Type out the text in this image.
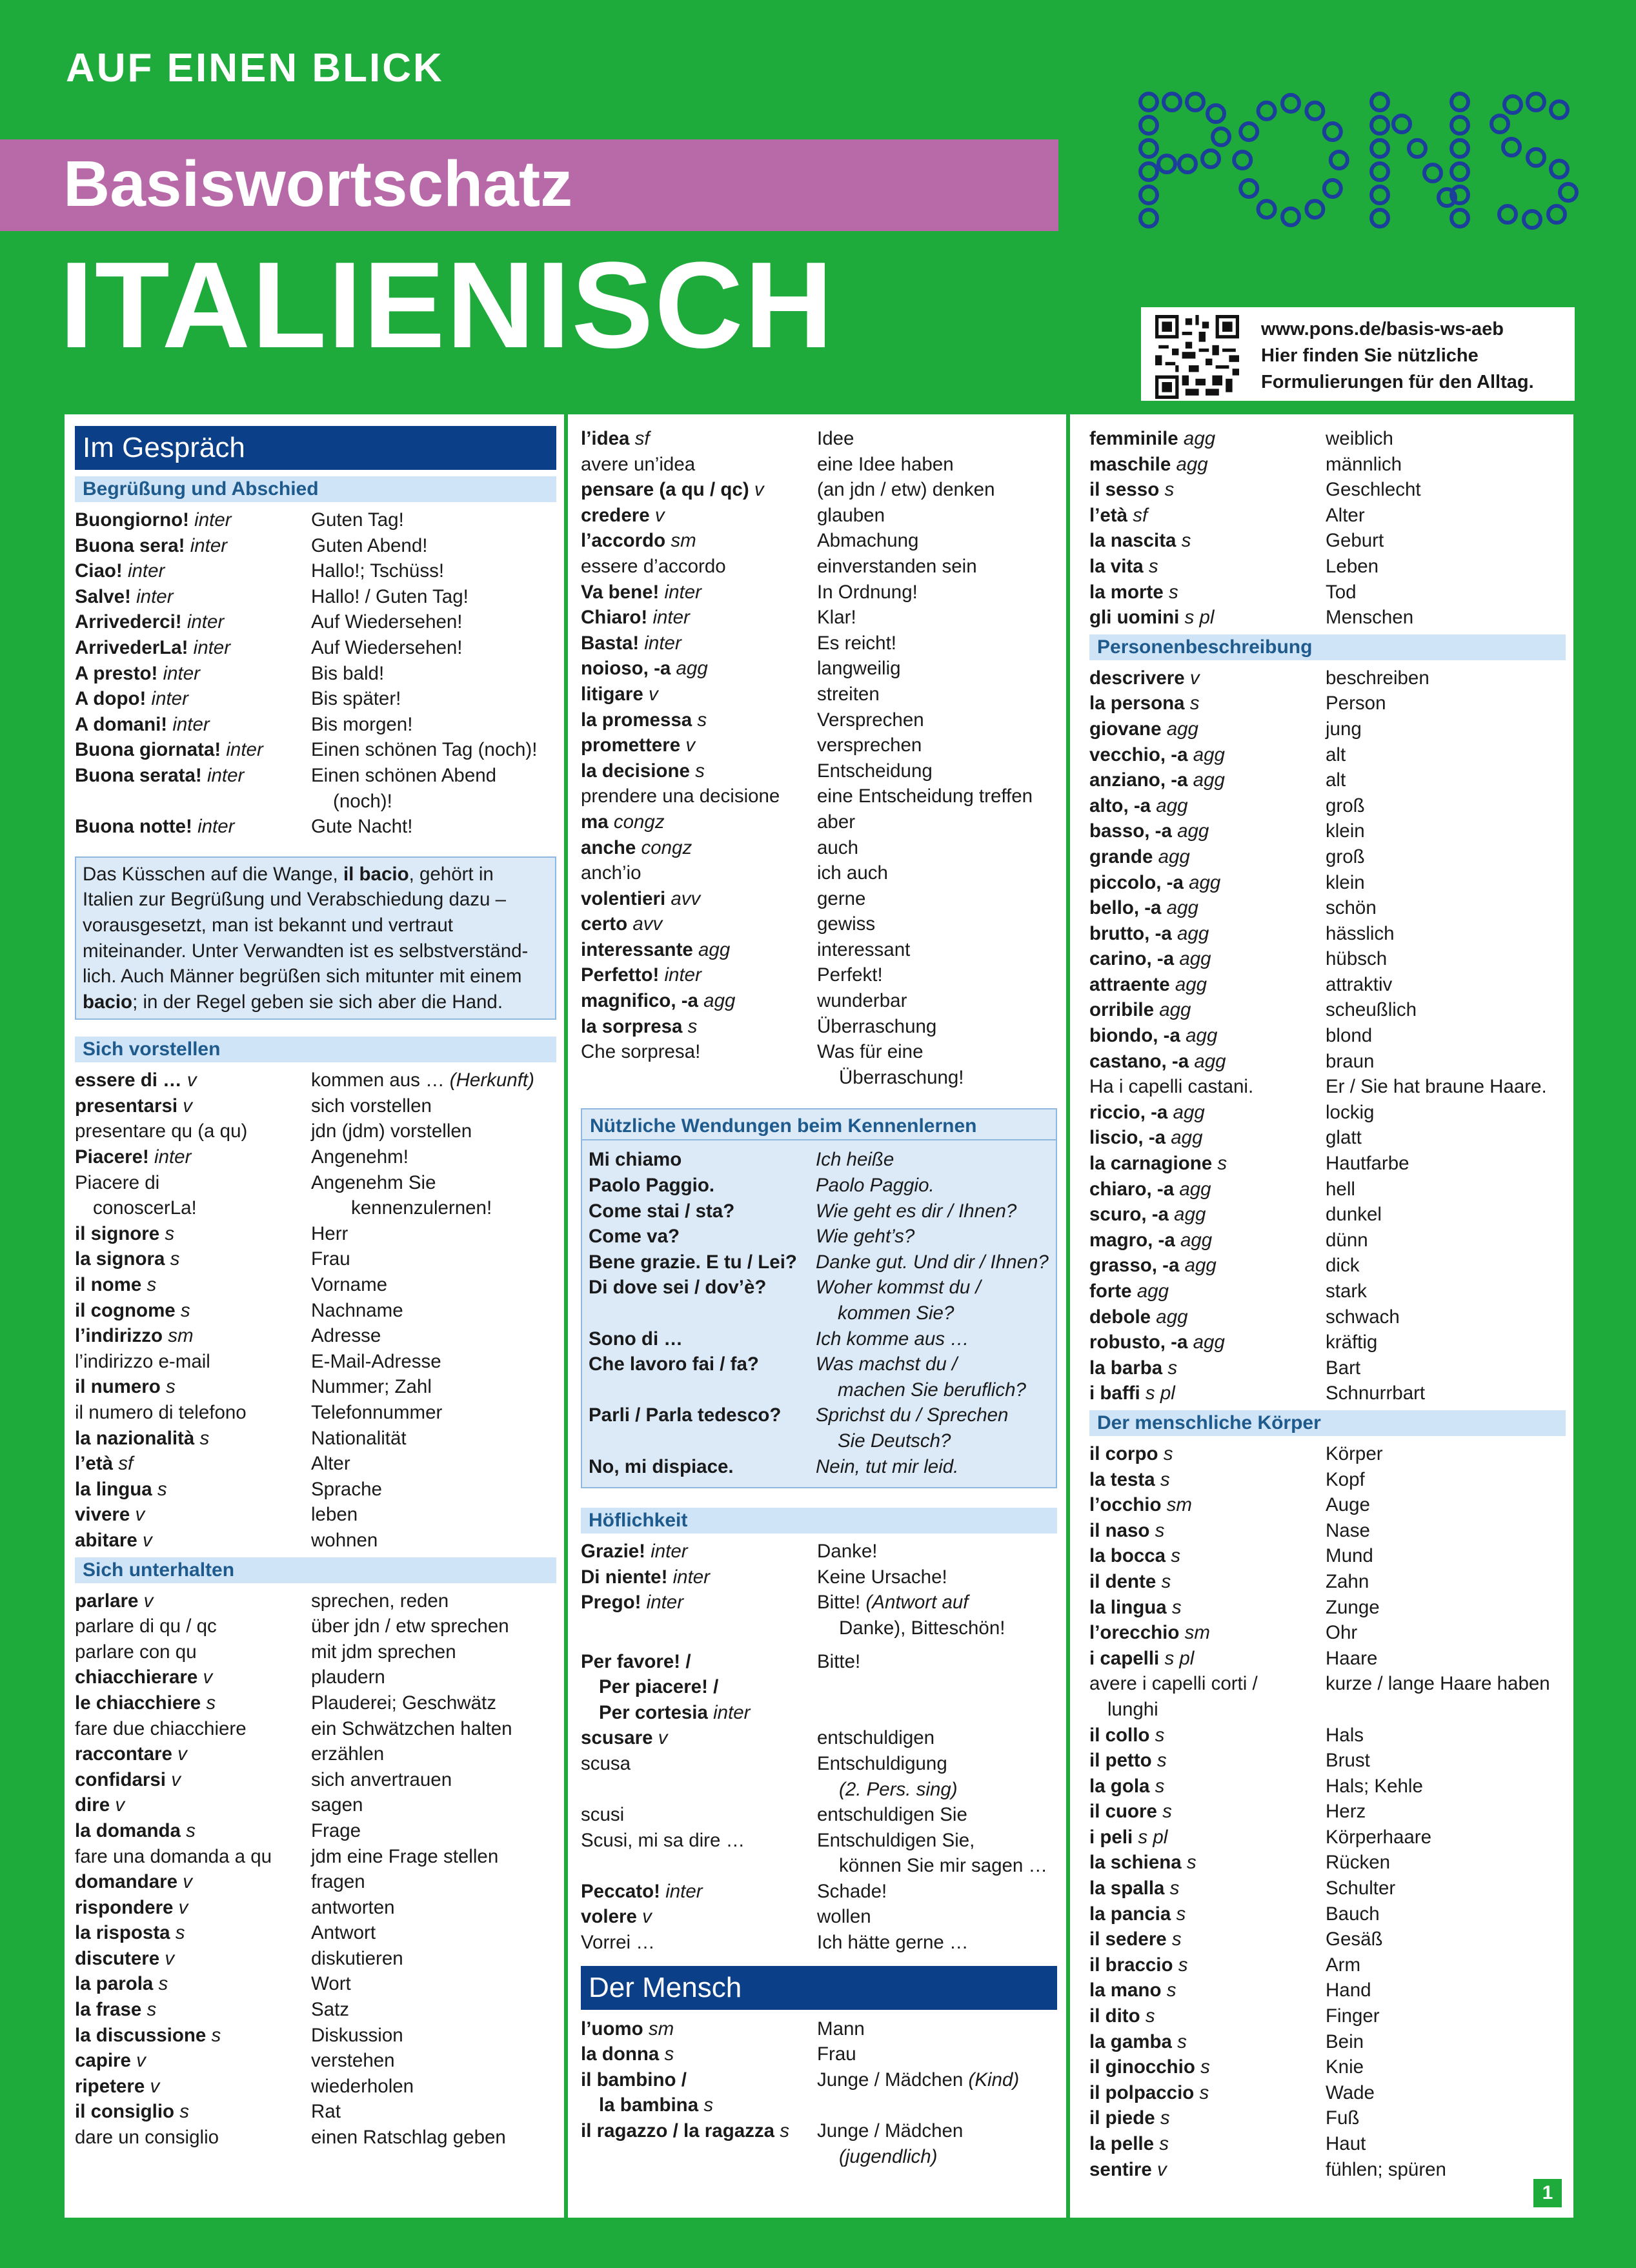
AUF EINEN BLICK
Basiswortschatz
ITALIENISCH	www.pons.de/basis-ws-aeb
Hier finden Sie nützliche
Formulierungen für den Alltag.
Im Gespräch
Begrüßung und Abschied
Buongiorno! inter	Guten Tag!
Buona sera! inter	Guten Abend!
Ciao! inter	Hallo!; Tschüss!
Salve! inter	Hallo! / Guten Tag!
Arrivederci! inter	Auf Wiedersehen!
ArrivederLa! inter	Auf Wiedersehen!
A presto! inter	Bis bald!
A dopo! inter	Bis später!
A domani! inter	Bis morgen!
Buona giornata! inter	Einen schönen Tag (noch)!
Buona serata! inter	Einen schönen Abend
(noch)!
Buona notte! inter	Gute Nacht!
Das Küsschen auf die Wange, il bacio, gehört in Italien zur Begrüßung und Verabschiedung dazu – vorausgesetzt, man ist bekannt und vertraut miteinander. Unter Verwandten ist es selbstverständ-lich. Auch Männer begrüßen sich mitunter mit einem bacio; in der Regel geben sie sich aber die Hand.
Sich vorstellen
essere di … v	kommen aus … (Herkunft)
presentarsi v	sich vorstellen
presentare qu (a qu)	jdn (jdm) vorstellen
Piacere! inter	Angenehm!
Piacere di	Angenehm Sie
conoscerLa!	kennenzulernen!
il signore s	Herr
la signora s	Frau
il nome s	Vorname
il cognome s	Nachname
l’indirizzo sm	Adresse
l’indirizzo e-mail	E-Mail-Adresse
il numero s	Nummer; Zahl
il numero di telefono	Telefonnummer
la nazionalità s	Nationalität
l’età sf	Alter
la lingua s	Sprache
vivere v	leben
abitare v	wohnen
Sich unterhalten
parlare v	sprechen, reden
parlare di qu / qc	über jdn / etw sprechen
parlare con qu	mit jdm sprechen
chiacchierare v	plaudern
le chiacchiere s	Plauderei; Geschwätz
fare due chiacchiere	ein Schwätzchen halten
raccontare v	erzählen
confidarsi v	sich anvertrauen
dire v	sagen
la domanda s	Frage
fare una domanda a qu	jdm eine Frage stellen
domandare v	fragen
rispondere v	antworten
la risposta s	Antwort
discutere v	diskutieren
la parola s	Wort
la frase s	Satz
la discussione s	Diskussion
capire v	verstehen
ripetere v	wiederholen
il consiglio s	Rat
dare un consiglio	einen Ratschlag geben
l’idea sf	Idee
avere un’idea	eine Idee haben
pensare (a qu / qc) v	(an jdn / etw) denken
credere v	glauben
l’accordo sm	Abmachung
essere d’accordo	einverstanden sein
Va bene! inter	In Ordnung!
Chiaro! inter	Klar!
Basta! inter	Es reicht!
noioso, -a agg	langweilig
litigare v	streiten
la promessa s	Versprechen
promettere v	versprechen
la decisione s	Entscheidung
prendere una decisione	eine Entscheidung treffen
ma congz	aber
anche congz	auch
anch’io	ich auch
volentieri avv	gerne
certo avv	gewiss
interessante agg	interessant
Perfetto! inter	Perfekt!
magnifico, -a agg	wunderbar
la sorpresa s	Überraschung
Che sorpresa!	Was für eine
Überraschung!
Nützliche Wendungen beim Kennenlernen
Mi chiamo	Ich heiße
Paolo Paggio.	Paolo Paggio.
Come stai / sta?	Wie geht es dir / Ihnen?
Come va?	Wie geht’s?
Bene grazie. E tu / Lei? Danke gut. Und dir / Ihnen?
Di dove sei / dov’è?	Woher kommst du /
kommen Sie?
Sono di …	Ich komme aus …
Che lavoro fai / fa?	Was machst du /
machen Sie beruflich?
Parli / Parla tedesco?	Sprichst du / Sprechen
Sie Deutsch?
No, mi dispiace.	Nein, tut mir leid.
Höflichkeit
Grazie! inter	Danke!
Di niente! inter	Keine Ursache!
Prego! inter	Bitte! (Antwort auf
Danke), Bitteschön!
Per favore! /	Bitte!
Per piacere! /
Per cortesia inter
scusare v	entschuldigen
scusa	Entschuldigung
(2. Pers. sing)
scusi	entschuldigen Sie
Scusi, mi sa dire …	Entschuldigen Sie,
können Sie mir sagen …
Peccato! inter	Schade!
volere v	wollen
Vorrei …	Ich hätte gerne …
Der Mensch
l’uomo sm	Mann
la donna s	Frau
il bambino /	Junge / Mädchen (Kind)
la bambina s
il ragazzo / la ragazza s	Junge / Mädchen
(jugendlich)
femminile agg	weiblich
maschile agg	männlich
il sesso s	Geschlecht
l’età sf	Alter
la nascita s	Geburt
la vita s	Leben
la morte s	Tod
gli uomini s pl	Menschen
Personenbeschreibung
descrivere v	beschreiben
la persona s	Person
giovane agg	jung
vecchio, -a agg	alt
anziano, -a agg	alt
alto, -a agg	groß
basso, -a agg	klein
grande agg	groß
piccolo, -a agg	klein
bello, -a agg	schön
brutto, -a agg	hässlich
carino, -a agg	hübsch
attraente agg	attraktiv
orribile agg	scheußlich
biondo, -a agg	blond
castano, -a agg	braun
Ha i capelli castani.	Er / Sie hat braune Haare.
riccio, -a agg	lockig
liscio, -a agg	glatt
la carnagione s	Hautfarbe
chiaro, -a agg	hell
scuro, -a agg	dunkel
magro, -a agg	dünn
grasso, -a agg	dick
forte agg	stark
debole agg	schwach
robusto, -a agg	kräftig
la barba s	Bart
i baffi s pl	Schnurrbart
Der menschliche Körper
il corpo s	Körper
la testa s	Kopf
l’occhio sm	Auge
il naso s	Nase
la bocca s	Mund
il dente s	Zahn
la lingua s	Zunge
l’orecchio sm	Ohr
i capelli s pl	Haare
avere i capelli corti /	kurze / lange Haare haben
lunghi
il collo s	Hals
il petto s	Brust
la gola s	Hals; Kehle
il cuore s	Herz
i peli s pl	Körperhaare
la schiena s	Rücken
la spalla s	Schulter
la pancia s	Bauch
il sedere s	Gesäß
il braccio s	Arm
la mano s	Hand
il dito s	Finger
la gamba s	Bein
il ginocchio s	Knie
il polpaccio s	Wade
il piede s	Fuß
la pelle s	Haut
sentire v	fühlen; spüren
1
